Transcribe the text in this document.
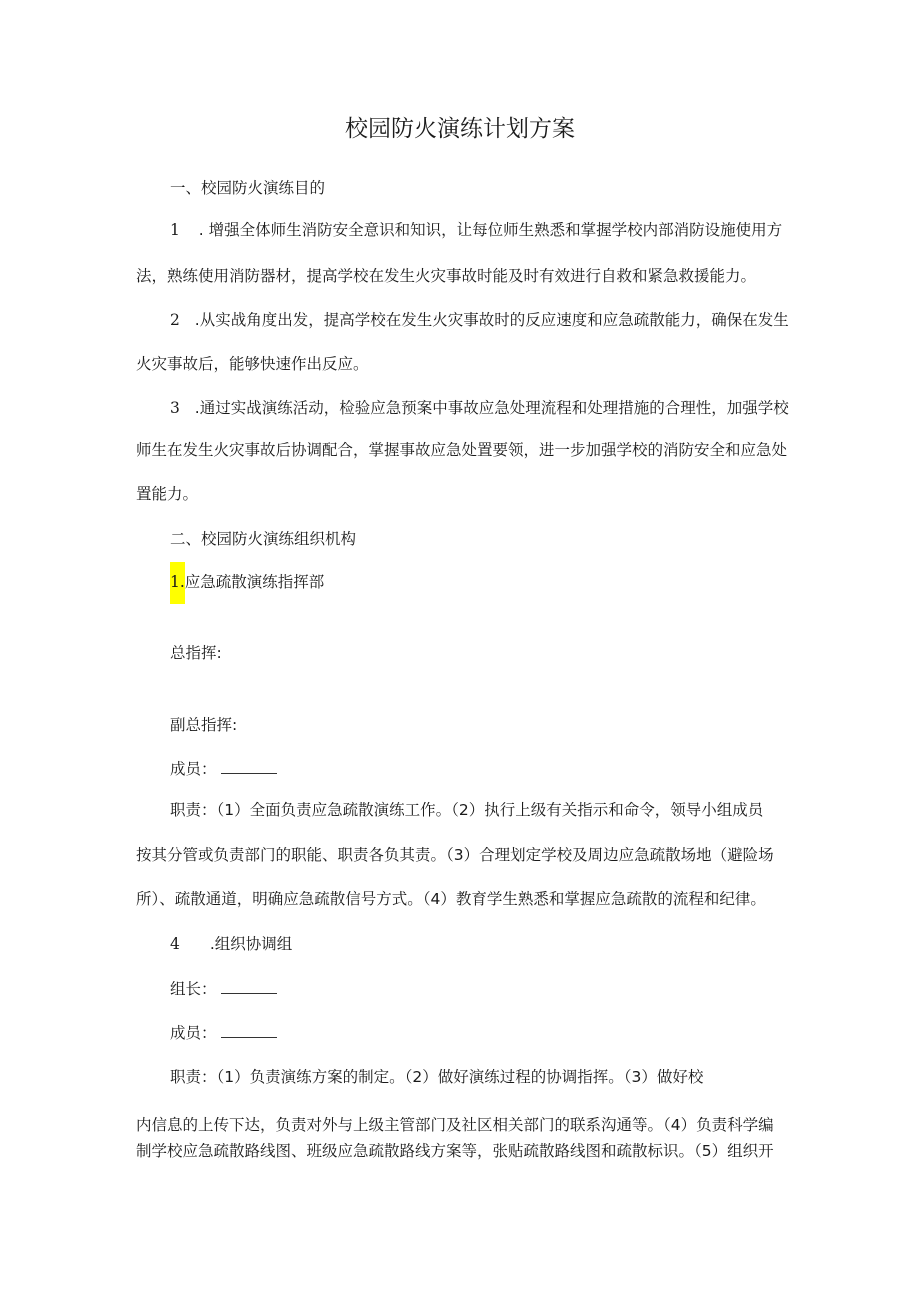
校园防火演练计划方案
一、校园防火演练目的
1 . 增强全体师生消防安全意识和知识，让每位师生熟悉和掌握学校内部消防设施使用方
法，熟练使用消防器材，提高学校在发生火灾事故时能及时有效进行自救和紧急救援能力。
2 .从实战角度出发，提高学校在发生火灾事故时的反应速度和应急疏散能力，确保在发生
火灾事故后，能够快速作出反应。
3 .通过实战演练活动，检验应急预案中事故应急处理流程和处理措施的合理性，加强学校
师生在发生火灾事故后协调配合，掌握事故应急处置要领，进一步加强学校的消防安全和应急处
置能力。
二、校园防火演练组织机构
1.应急疏散演练指挥部
总指挥:
副总指挥:
成员：
职责：（1）全面负责应急疏散演练工作。（2）执行上级有关指示和命令，领导小组成员
按其分管或负责部门的职能、职责各负其责。（3）合理划定学校及周边应急疏散场地（避险场
所）、疏散通道，明确应急疏散信号方式。（4）教育学生熟悉和掌握应急疏散的流程和纪律。
4 .组织协调组
组长：
成员：
职责：（1）负责演练方案的制定。（2）做好演练过程的协调指挥。（3）做好校
内信息的上传下达，负责对外与上级主管部门及社区相关部门的联系沟通等。（4）负责科学编
制学校应急疏散路线图、班级应急疏散路线方案等，张贴疏散路线图和疏散标识。（5）组织开
